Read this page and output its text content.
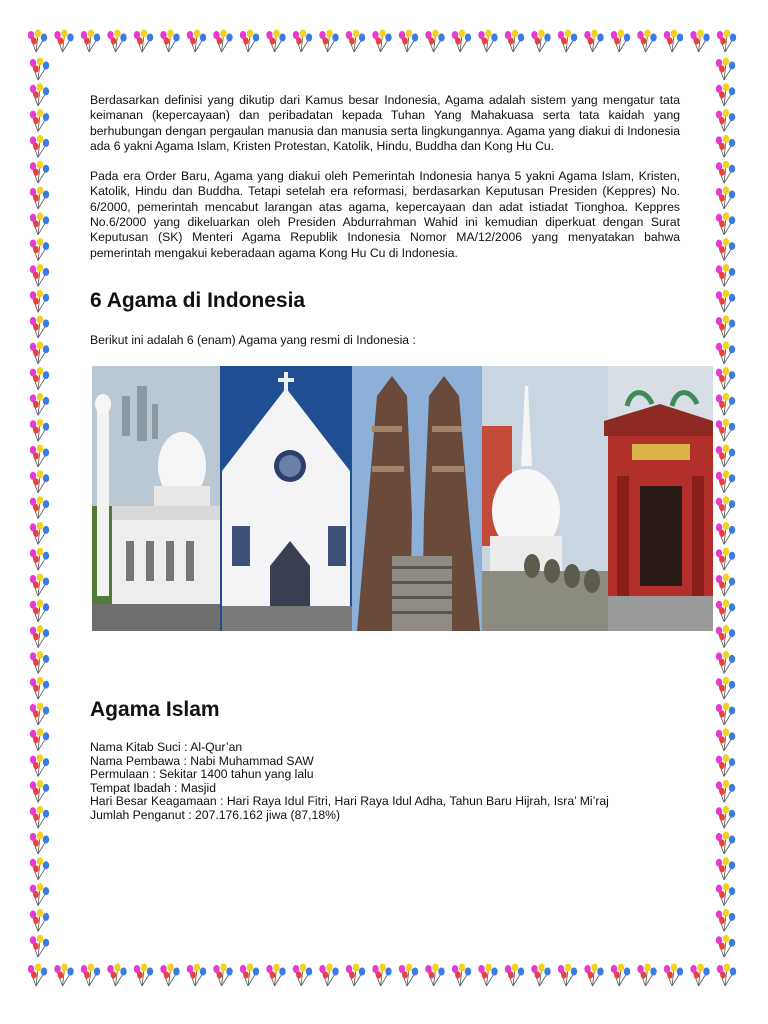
Berdasarkan definisi yang dikutip dari Kamus besar Indonesia, Agama adalah sistem yang mengatur tata keimanan (kepercayaan) dan peribadatan kepada Tuhan Yang Mahakuasa serta tata kaidah yang berhubungan dengan pergaulan manusia dan manusia serta lingkungannya. Agama yang diakui di Indonesia ada 6 yakni Agama Islam, Kristen Protestan, Katolik, Hindu, Buddha dan Kong Hu Cu.

Pada era Order Baru, Agama yang diakui oleh Pemerintah Indonesia hanya 5 yakni Agama Islam, Kristen, Katolik, Hindu dan Buddha. Tetapi setelah era reformasi, berdasarkan Keputusan Presiden (Keppres) No. 6/2000, pemerintah mencabut larangan atas agama, kepercayaan dan adat istiadat Tionghoa. Keppres No.6/2000 yang dikeluarkan oleh Presiden Abdurrahman Wahid ini kemudian diperkuat dengan Surat Keputusan (SK) Menteri Agama Republik Indonesia Nomor MA/12/2006 yang menyatakan bahwa pemerintah mengakui keberadaan agama Kong Hu Cu di Indonesia.

6 Agama di Indonesia

Berikut ini adalah 6 (enam) Agama yang resmi di Indonesia :

Agama Islam
Nama Kitab Suci : Al-Qur’an
Nama Pembawa : Nabi Muhammad SAW
Permulaan : Sekitar 1400 tahun yang lalu
Tempat Ibadah : Masjid
Hari Besar Keagamaan : Hari Raya Idul Fitri, Hari Raya Idul Adha, Tahun Baru Hijrah, Isra’ Mi’raj
Jumlah Penganut : 207.176.162 jiwa (87,18%)
